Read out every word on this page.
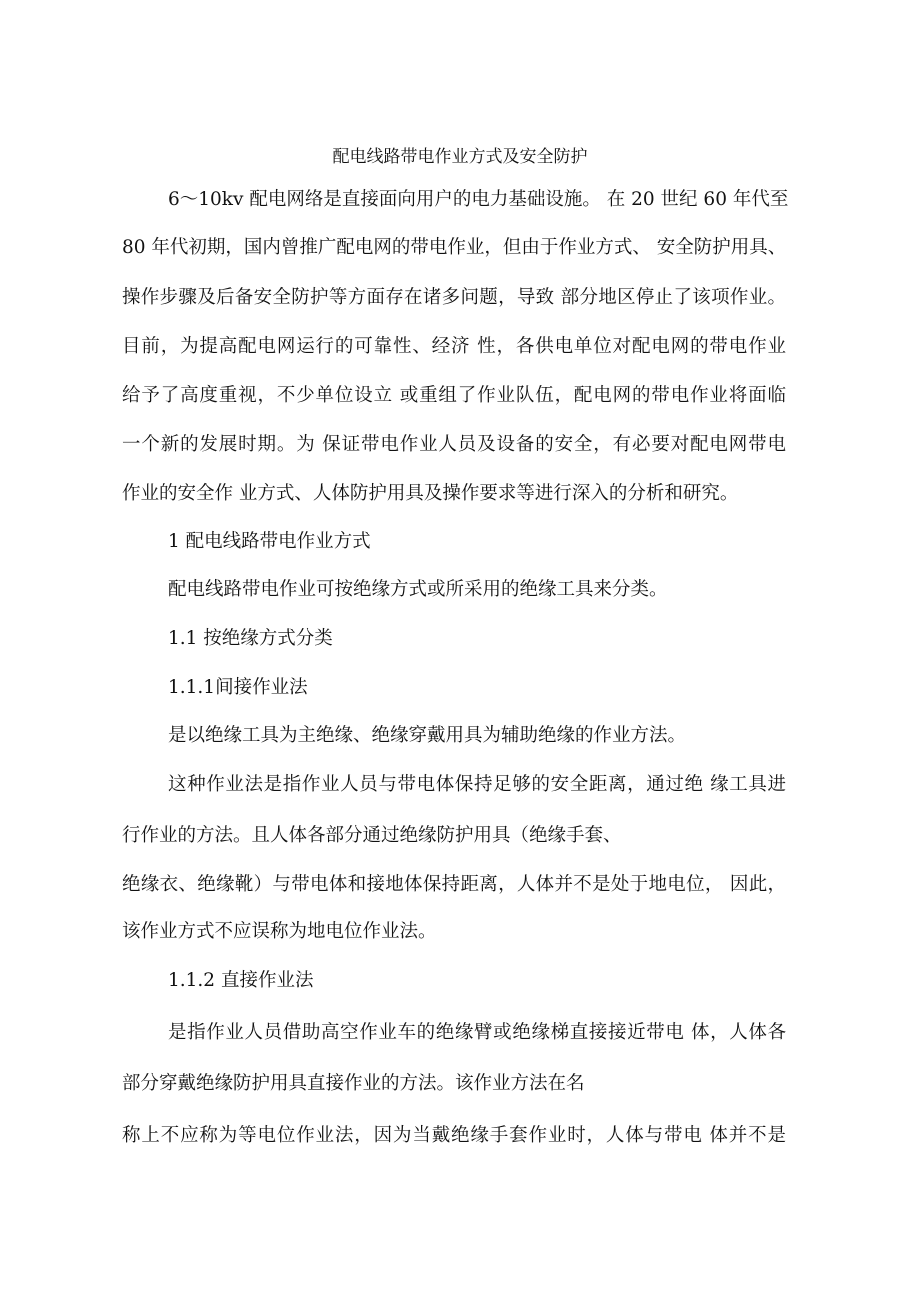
配电线路带电作业方式及安全防护
6～10kv 配电网络是直接面向用户的电力基础设施。 在 20 世纪 60 年代至
80 年代初期，国内曾推广配电网的带电作业，但由于作业方式、 安全防护用具、
操作步骤及后备安全防护等方面存在诸多问题，导致 部分地区停止了该项作业。
目前，为提高配电网运行的可靠性、经济 性，各供电单位对配电网的带电作业
给予了高度重视，不少单位设立 或重组了作业队伍，配电网的带电作业将面临
一个新的发展时期。为 保证带电作业人员及设备的安全，有必要对配电网带电
作业的安全作 业方式、人体防护用具及操作要求等进行深入的分析和研究。
1 配电线路带电作业方式
配电线路带电作业可按绝缘方式或所采用的绝缘工具来分类。
1.1 按绝缘方式分类
1.1.1间接作业法
是以绝缘工具为主绝缘、绝缘穿戴用具为辅助绝缘的作业方法。
这种作业法是指作业人员与带电体保持足够的安全距离，通过绝 缘工具进
行作业的方法。且人体各部分通过绝缘防护用具（绝缘手套、
绝缘衣、绝缘靴）与带电体和接地体保持距离，人体并不是处于地电位， 因此，
该作业方式不应误称为地电位作业法。
1.1.2 直接作业法
是指作业人员借助高空作业车的绝缘臂或绝缘梯直接接近带电 体，人体各
部分穿戴绝缘防护用具直接作业的方法。该作业方法在名
称上不应称为等电位作业法，因为当戴绝缘手套作业时，人体与带电 体并不是
